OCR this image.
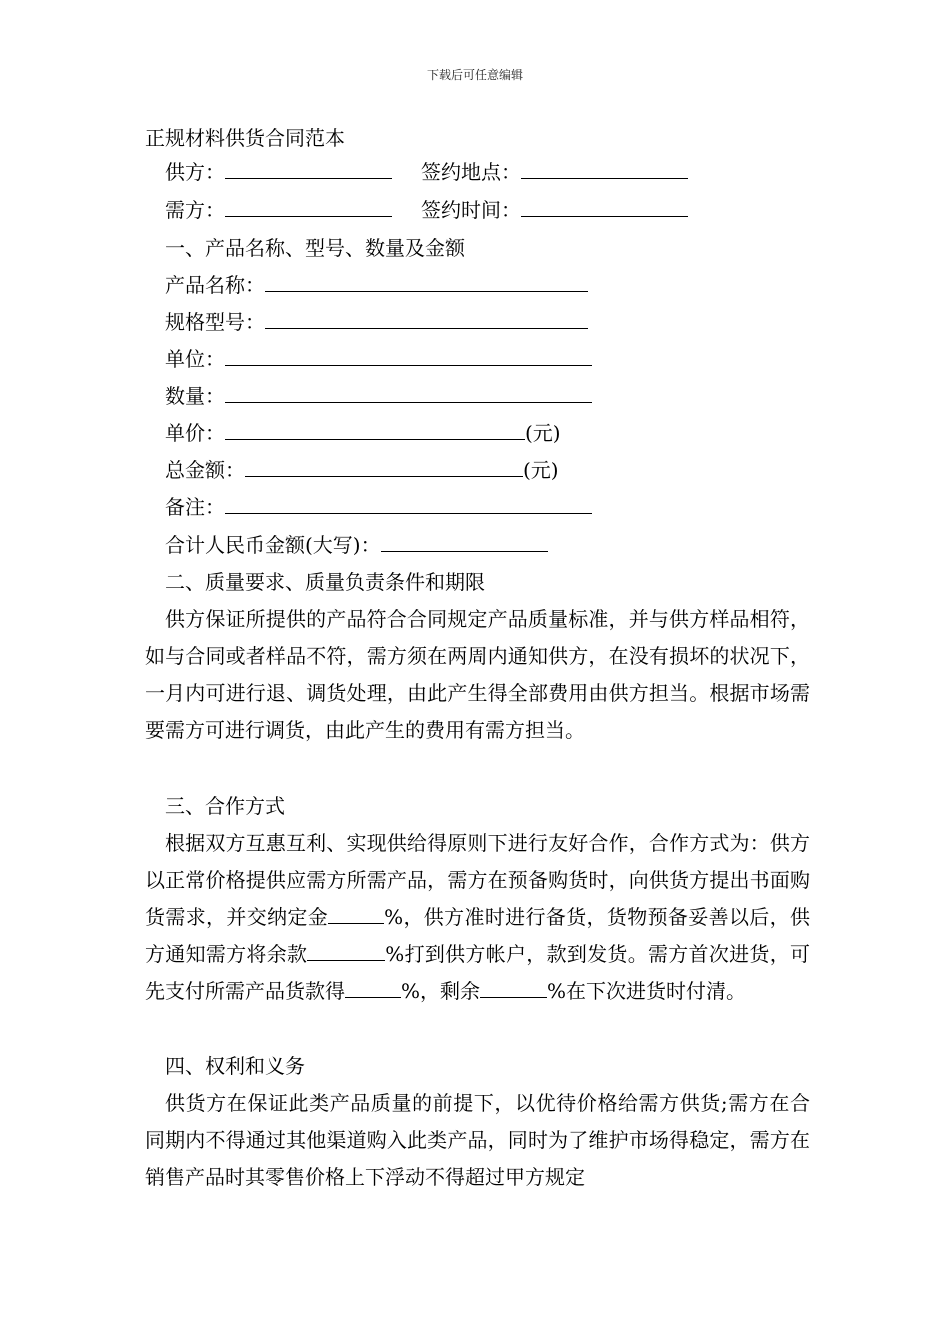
下载后可任意编辑
正规材料供货合同范本
供方：	签约地点：
需方：	签约时间：
一、产品名称、型号、数量及金额
产品名称：
规格型号：
单位：
数量：
单价：	(元)
总金额：	(元)
备注：
合计人民币金额(大写)：
二、质量要求、质量负责条件和期限
供方保证所提供的产品符合合同规定产品质量标准，并与供方样品相符，如与合同或者样品不符，需方须在两周内通知供方，在没有损坏的状况下，一月内可进行退、调货处理，由此产生得全部费用由供方担当。根据市场需要需方可进行调货，由此产生的费用有需方担当。
三、合作方式
根据双方互惠互利、实现供给得原则下进行友好合作，合作方式为：供方以正常价格提供应需方所需产品，需方在预备购货时，向供货方提出书面购货需求，并交纳定金	%，供方准时进行备货，货物预备妥善以后，供方通知需方将余款	%打到供方帐户，款到发货。需方首次进货，可先支付所需产品货款得	%，剩余	%在下次进货时付清。
四、权利和义务
供货方在保证此类产品质量的前提下，以优待价格给需方供货;需方在合同期内不得通过其他渠道购入此类产品，同时为了维护市场得稳定，需方在销售产品时其零售价格上下浮动不得超过甲方规定
